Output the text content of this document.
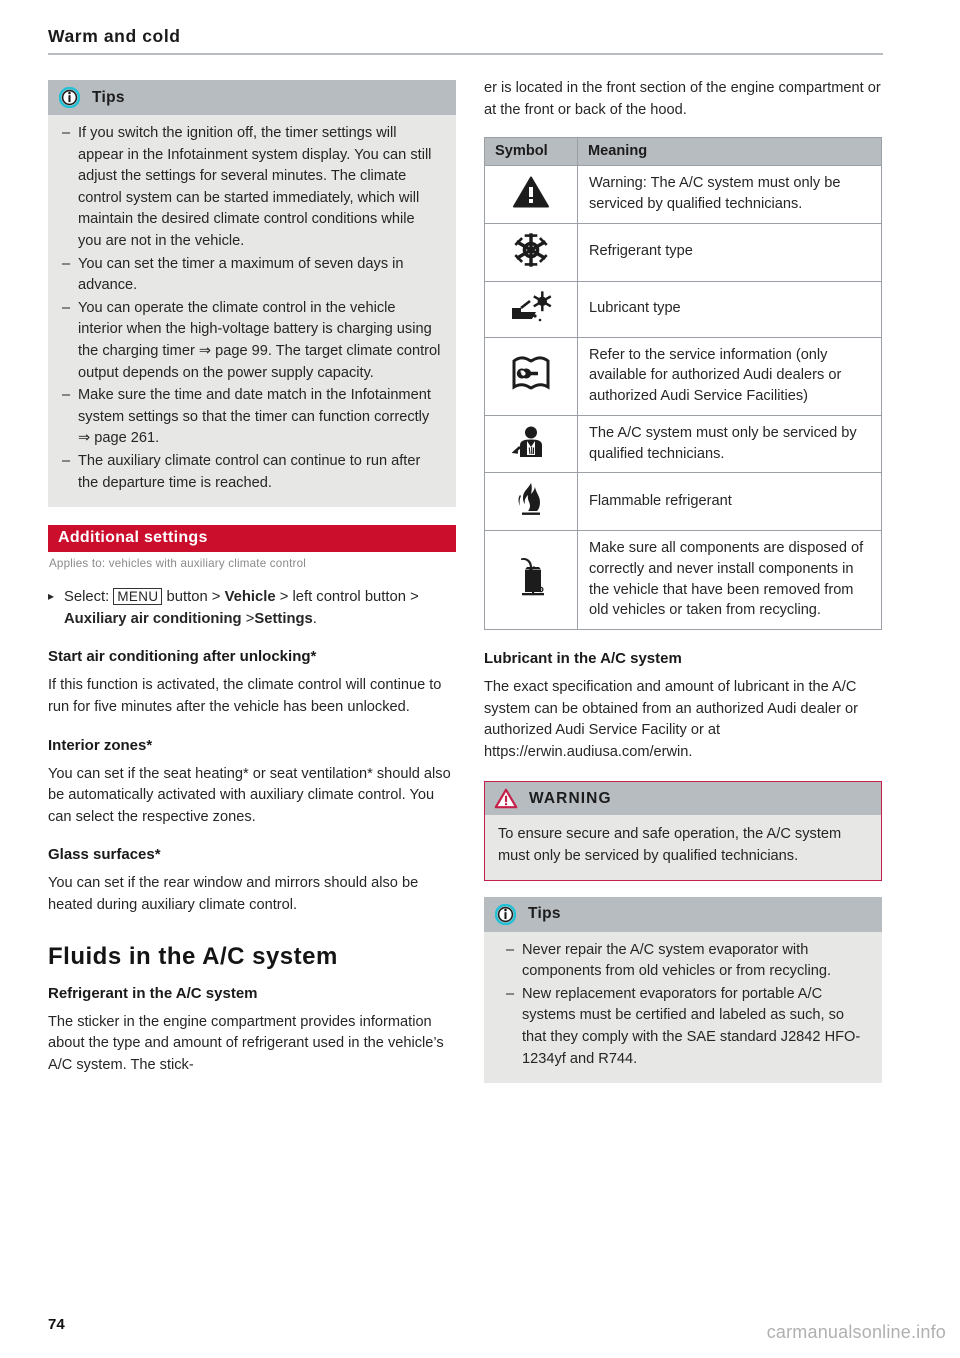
Warm and cold
Tips
– If you switch the ignition off, the timer settings will appear in the Infotainment system display. You can still adjust the settings for several minutes. The climate control system can be started immediately, which will maintain the desired climate control conditions while you are not in the vehicle.
– You can set the timer a maximum of seven days in advance.
– You can operate the climate control in the vehicle interior when the high-voltage battery is charging using the charging timer ⇒ page 99. The target climate control output depends on the power supply capacity.
– Make sure the time and date match in the Infotainment system settings so that the timer can function correctly ⇒ page 261.
– The auxiliary climate control can continue to run after the departure time is reached.
Additional settings
Applies to: vehicles with auxiliary climate control
▸ Select: MENU button > Vehicle > left control button > Auxiliary air conditioning >Settings.
Start air conditioning after unlocking*

If this function is activated, the climate control will continue to run for five minutes after the vehicle has been unlocked.

Interior zones*

You can set if the seat heating* or seat ventilation* should also be automatically activated with auxiliary climate control. You can select the respective zones.

Glass surfaces*

You can set if the rear window and mirrors should also be heated during auxiliary climate control.

Fluids in the A/C system
Refrigerant in the A/C system

The sticker in the engine compartment provides information about the type and amount of refrigerant used in the vehicle’s A/C system. The stick-

er is located in the front section of the engine compartment or at the front or back of the hood.

Symbol	Meaning
	Warning: The A/C system must only be serviced by qualified technicians.
	Refrigerant type
	Lubricant type
	Refer to the service information (only available for authorized Audi dealers or authorized Audi Service Facilities)
	The A/C system must only be serviced by qualified technicians.
	Flammable refrigerant
	Make sure all components are disposed of correctly and never install components in the vehicle that have been removed from old vehicles or taken from recycling.
Lubricant in the A/C system

The exact specification and amount of lubricant in the A/C system can be obtained from an authorized Audi dealer or authorized Audi Service Facility or at https://erwin.audiusa.com/erwin.

WARNING

To ensure secure and safe operation, the A/C system must only be serviced by qualified technicians.

Tips
– Never repair the A/C system evaporator with components from old vehicles or from recycling.
– New replacement evaporators for portable A/C systems must be certified and labeled as such, so that they comply with the SAE standard J2842 HFO-1234yf and R744.
74	carmanualsonline.info
